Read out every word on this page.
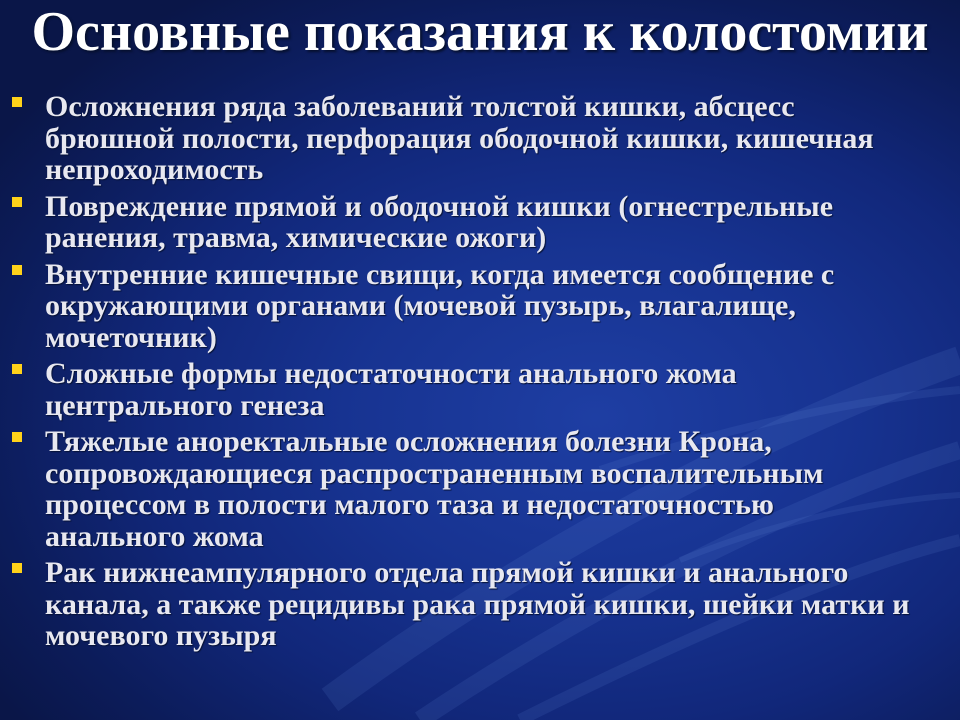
Основные показания к колостомии
Осложнения ряда заболеваний толстой кишки, абсцесс
брюшной полости, перфорация ободочной кишки, кишечная
непроходимость
Повреждение прямой и ободочной кишки (огнестрельные
ранения, травма, химические ожоги)
Внутренние кишечные свищи, когда имеется сообщение с
окружающими органами (мочевой пузырь, влагалище,
мочеточник)
Сложные формы недостаточности анального жома
центрального генеза
Тяжелые аноректальные осложнения болезни Крона,
сопровождающиеся распространенным воспалительным
процессом в полости малого таза и недостаточностью
анального жома
Рак нижнеампулярного отдела прямой кишки и анального
канала, а также рецидивы рака прямой кишки, шейки матки и
мочевого пузыря
